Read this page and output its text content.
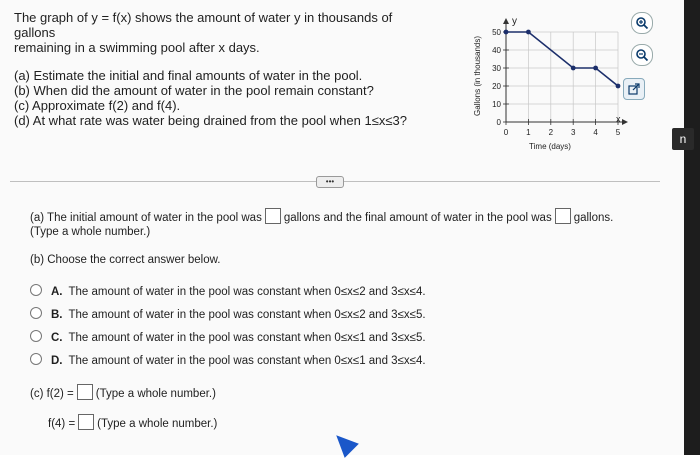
The graph of y = f(x) shows the amount of water y in thousands of gallons
remaining in a swimming pool after x days.
(a) Estimate the initial and final amounts of water in the pool.
(b) When did the amount of water in the pool remain constant?
(c) Approximate f(2) and f(4).
(d) At what rate was water being drained from the pool when 1≤x≤3?
Gallons (in thousands)
0
10
20
30
40
50
0 1 2 3 4 5
y
x
Time (days)
•••
(a) The initial amount of water in the pool was gallons and the final amount of water in the pool was gallons.
(Type a whole number.)
(b) Choose the correct answer below.
A. The amount of water in the pool was constant when 0≤x≤2 and 3≤x≤4.
B. The amount of water in the pool was constant when 0≤x≤2 and 3≤x≤5.
C. The amount of water in the pool was constant when 0≤x≤1 and 3≤x≤5.
D. The amount of water in the pool was constant when 0≤x≤1 and 3≤x≤4.
(c) f(2) = (Type a whole number.)
f(4) = (Type a whole number.)
n
